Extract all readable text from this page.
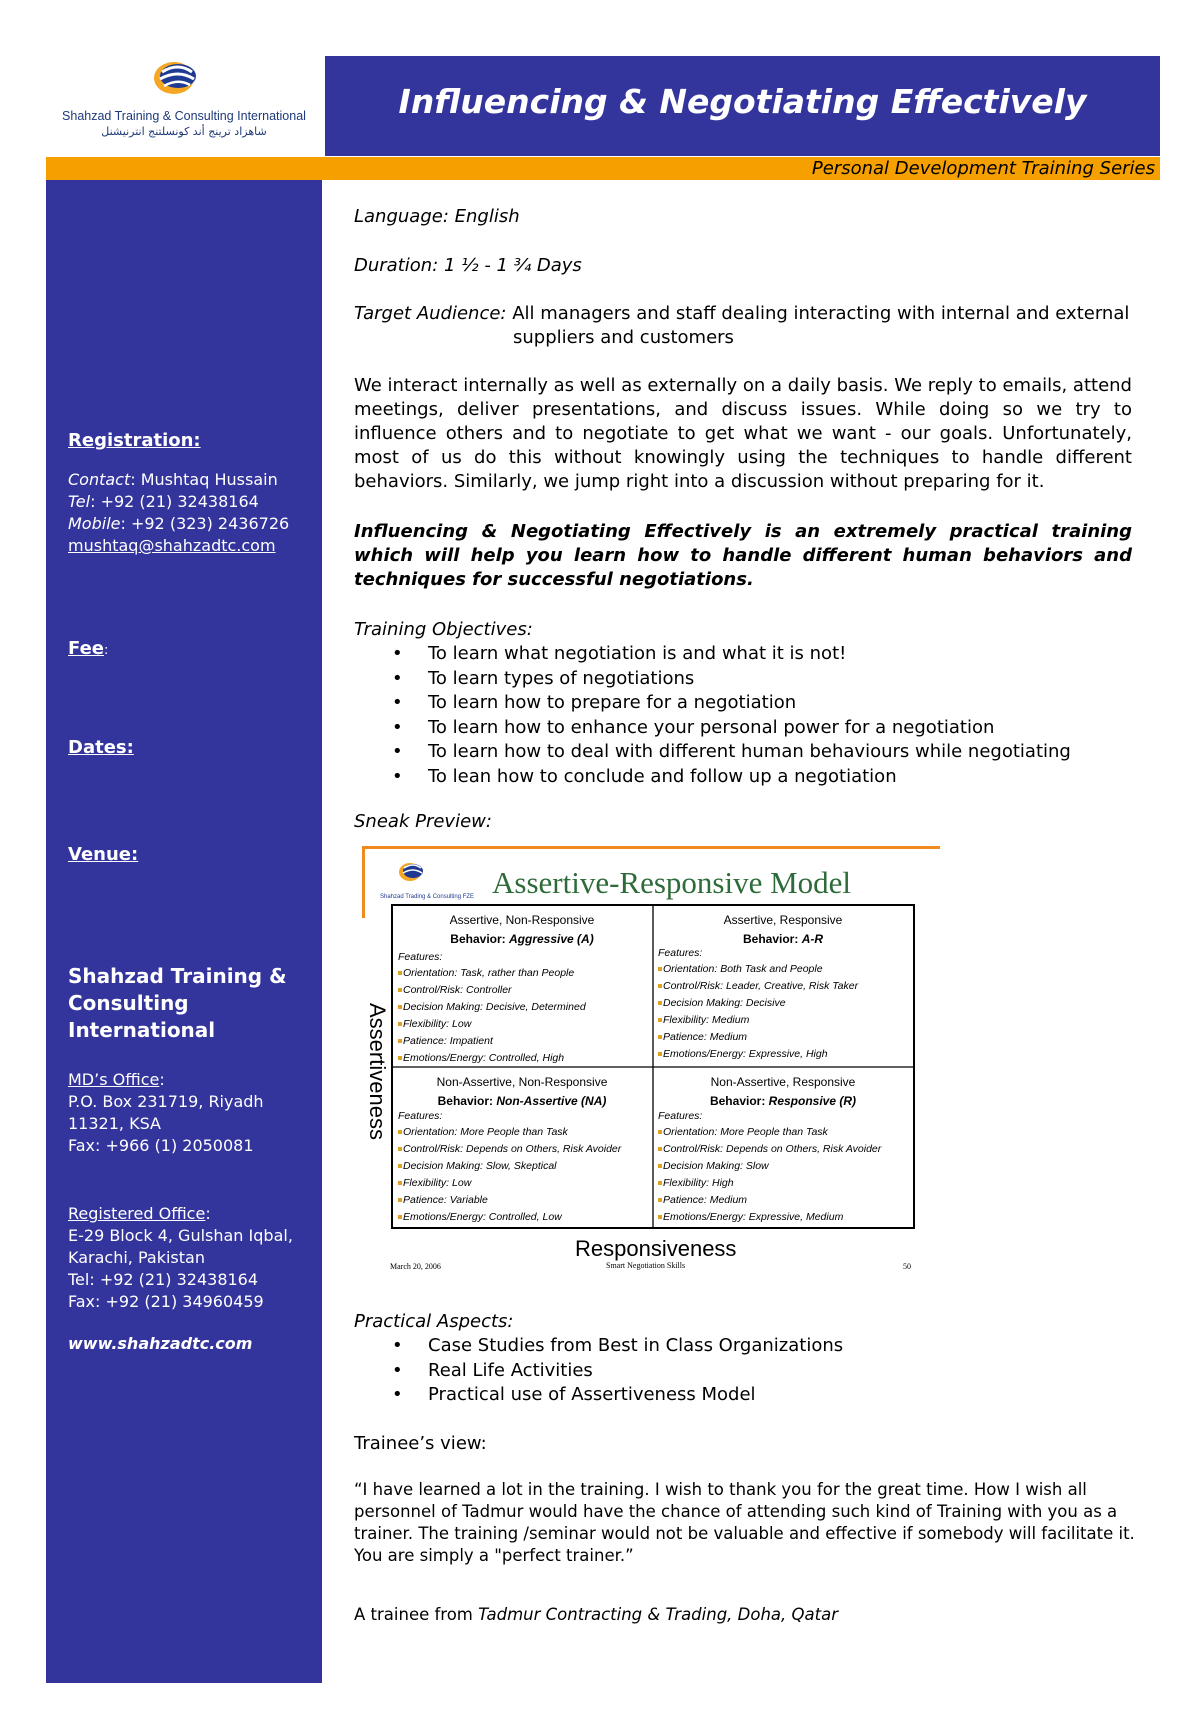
Shahzad Training & Consulting International
شاهزاد ترينج أند كونسلتنج انترنيشنل
Influencing & Negotiating Effectively
Personal Development Training Series
Registration:
Contact: Mushtaq Hussain
Tel: +92 (21) 32438164
Mobile: +92 (323) 2436726
mushtaq@shahzadtc.com
Fee:
Dates:
Venue:
Shahzad Training &
Consulting
International
MD’s Office:
P.O. Box 231719, Riyadh
11321, KSA
Fax: +966 (1) 2050081
Registered Office:
E-29 Block 4, Gulshan Iqbal,
Karachi, Pakistan
Tel: +92 (21) 32438164
Fax: +92 (21) 34960459
www.shahzadtc.com
Language: English
Duration: 1 ½ - 1 ¾ Days
Target Audience: All managers and staff dealing interacting with internal and external
suppliers and customers
We interact internally as well as externally on a daily basis. We reply to emails, attend meetings, deliver presentations, and discuss issues. While doing so we try to influence others and to negotiate to get what we want - our goals. Unfortunately, most of us do this without knowingly using the techniques to handle different behaviors. Similarly, we jump right into a discussion without preparing for it.
Influencing & Negotiating Effectively is an extremely practical training which will help you learn how to handle different human behaviors and techniques for successful negotiations.
Training Objectives:
• To learn what negotiation is and what it is not!
• To learn types of negotiations
• To learn how to prepare for a negotiation
• To learn how to enhance your personal power for a negotiation
• To learn how to deal with different human behaviours while negotiating
• To lean how to conclude and follow up a negotiation
Sneak Preview:
Shahzad Trading & Consulting FZE Assertive-Responsive Model
Assertiveness
Responsiveness
March 20, 2006	Smart Negotiation Skills	50
Assertive, Non-Responsive
Behavior: Aggressive (A)
Features:
Orientation: Task, rather than People
Control/Risk: Controller
Decision Making: Decisive, Determined
Flexibility: Low
Patience: Impatient
Emotions/Energy: Controlled, High
Assertive, Responsive
Behavior: A-R
Features:
Orientation: Both Task and People
Control/Risk: Leader, Creative, Risk Taker
Decision Making: Decisive
Flexibility: Medium
Patience: Medium
Emotions/Energy: Expressive, High
Non-Assertive, Non-Responsive
Behavior: Non-Assertive (NA)
Features:
Orientation: More People than Task
Control/Risk: Depends on Others, Risk Avoider
Decision Making: Slow, Skeptical
Flexibility: Low
Patience: Variable
Emotions/Energy: Controlled, Low
Non-Assertive, Responsive
Behavior: Responsive (R)
Features:
Orientation: More People than Task
Control/Risk: Depends on Others, Risk Avoider
Decision Making: Slow
Flexibility: High
Patience: Medium
Emotions/Energy: Expressive, Medium
Practical Aspects:
• Case Studies from Best in Class Organizations
• Real Life Activities
• Practical use of Assertiveness Model
Trainee’s view:
“I have learned a lot in the training. I wish to thank you for the great time. How I wish all personnel of Tadmur would have the chance of attending such kind of Training with you as a trainer. The training /seminar would not be valuable and effective if somebody will facilitate it. You are simply a "perfect trainer.”
A trainee from Tadmur Contracting & Trading, Doha, Qatar
